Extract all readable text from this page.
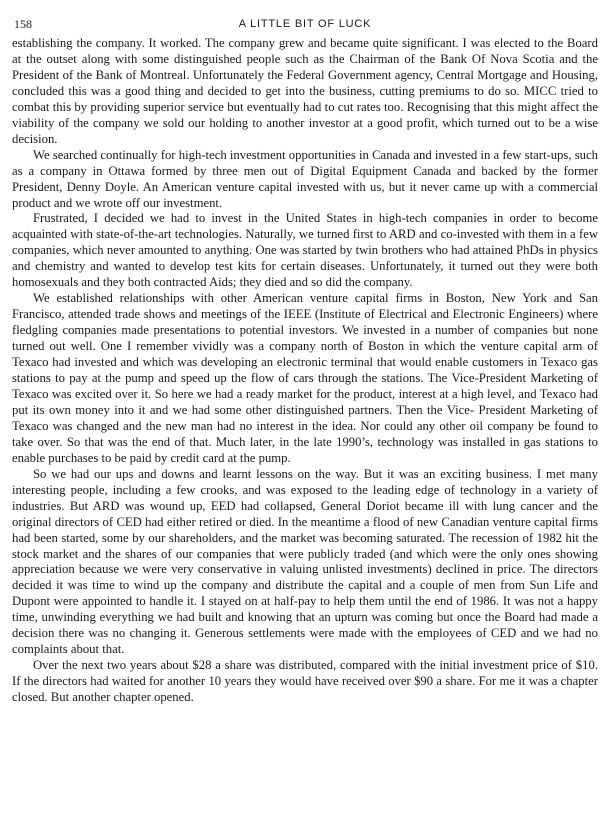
158	A LITTLE BIT OF LUCK

establishing the company. It worked. The company grew and became quite significant. I was elected to the Board at the outset along with some distinguished people such as the Chairman of the Bank Of Nova Scotia and the President of the Bank of Montreal. Unfortunately the Federal Government agency, Central Mortgage and Housing, concluded this was a good thing and decided to get into the business, cutting premiums to do so. MICC tried to combat this by providing superior service but eventually had to cut rates too. Recognising that this might affect the viability of the company we sold our holding to another investor at a good profit, which turned out to be a wise decision.

We searched continually for high-tech investment opportunities in Canada and invested in a few start-ups, such as a company in Ottawa formed by three men out of Digital Equipment Canada and backed by the former President, Denny Doyle. An American venture capital invested with us, but it never came up with a commercial product and we wrote off our investment.

Frustrated, I decided we had to invest in the United States in high-tech companies in order to become acquainted with state-of-the-art technologies. Naturally, we turned first to ARD and co-invested with them in a few companies, which never amounted to anything. One was started by twin brothers who had attained PhDs in physics and chemistry and wanted to develop test kits for certain diseases. Unfortunately, it turned out they were both homosexuals and they both contracted Aids; they died and so did the company.

We established relationships with other American venture capital firms in Boston, New York and San Francisco, attended trade shows and meetings of the IEEE (Institute of Electrical and Electronic Engineers) where fledgling companies made presentations to potential investors. We invested in a number of companies but none turned out well. One I remember vividly was a company north of Boston in which the venture capital arm of Texaco had invested and which was developing an electronic terminal that would enable customers in Texaco gas stations to pay at the pump and speed up the flow of cars through the stations. The Vice-President Marketing of Texaco was excited over it. So here we had a ready market for the product, interest at a high level, and Texaco had put its own money into it and we had some other distinguished partners. Then the Vice- President Marketing of Texaco was changed and the new man had no interest in the idea. Nor could any other oil company be found to take over. So that was the end of that. Much later, in the late 1990’s, technology was installed in gas stations to enable purchases to be paid by credit card at the pump.

So we had our ups and downs and learnt lessons on the way. But it was an exciting business. I met many interesting people, including a few crooks, and was exposed to the leading edge of technology in a variety of industries. But ARD was wound up, EED had collapsed, General Doriot became ill with lung cancer and the original directors of CED had either retired or died. In the meantime a flood of new Canadian venture capital firms had been started, some by our shareholders, and the market was becoming saturated. The recession of 1982 hit the stock market and the shares of our companies that were publicly traded (and which were the only ones showing appreciation because we were very conservative in valuing unlisted investments) declined in price. The directors decided it was time to wind up the company and distribute the capital and a couple of men from Sun Life and Dupont were appointed to handle it. I stayed on at half-pay to help them until the end of 1986. It was not a happy time, unwinding everything we had built and knowing that an upturn was coming but once the Board had made a decision there was no changing it. Generous settlements were made with the employees of CED and we had no complaints about that.

Over the next two years about $28 a share was distributed, compared with the initial investment price of $10. If the directors had waited for another 10 years they would have received over $90 a share. For me it was a chapter closed. But another chapter opened.
